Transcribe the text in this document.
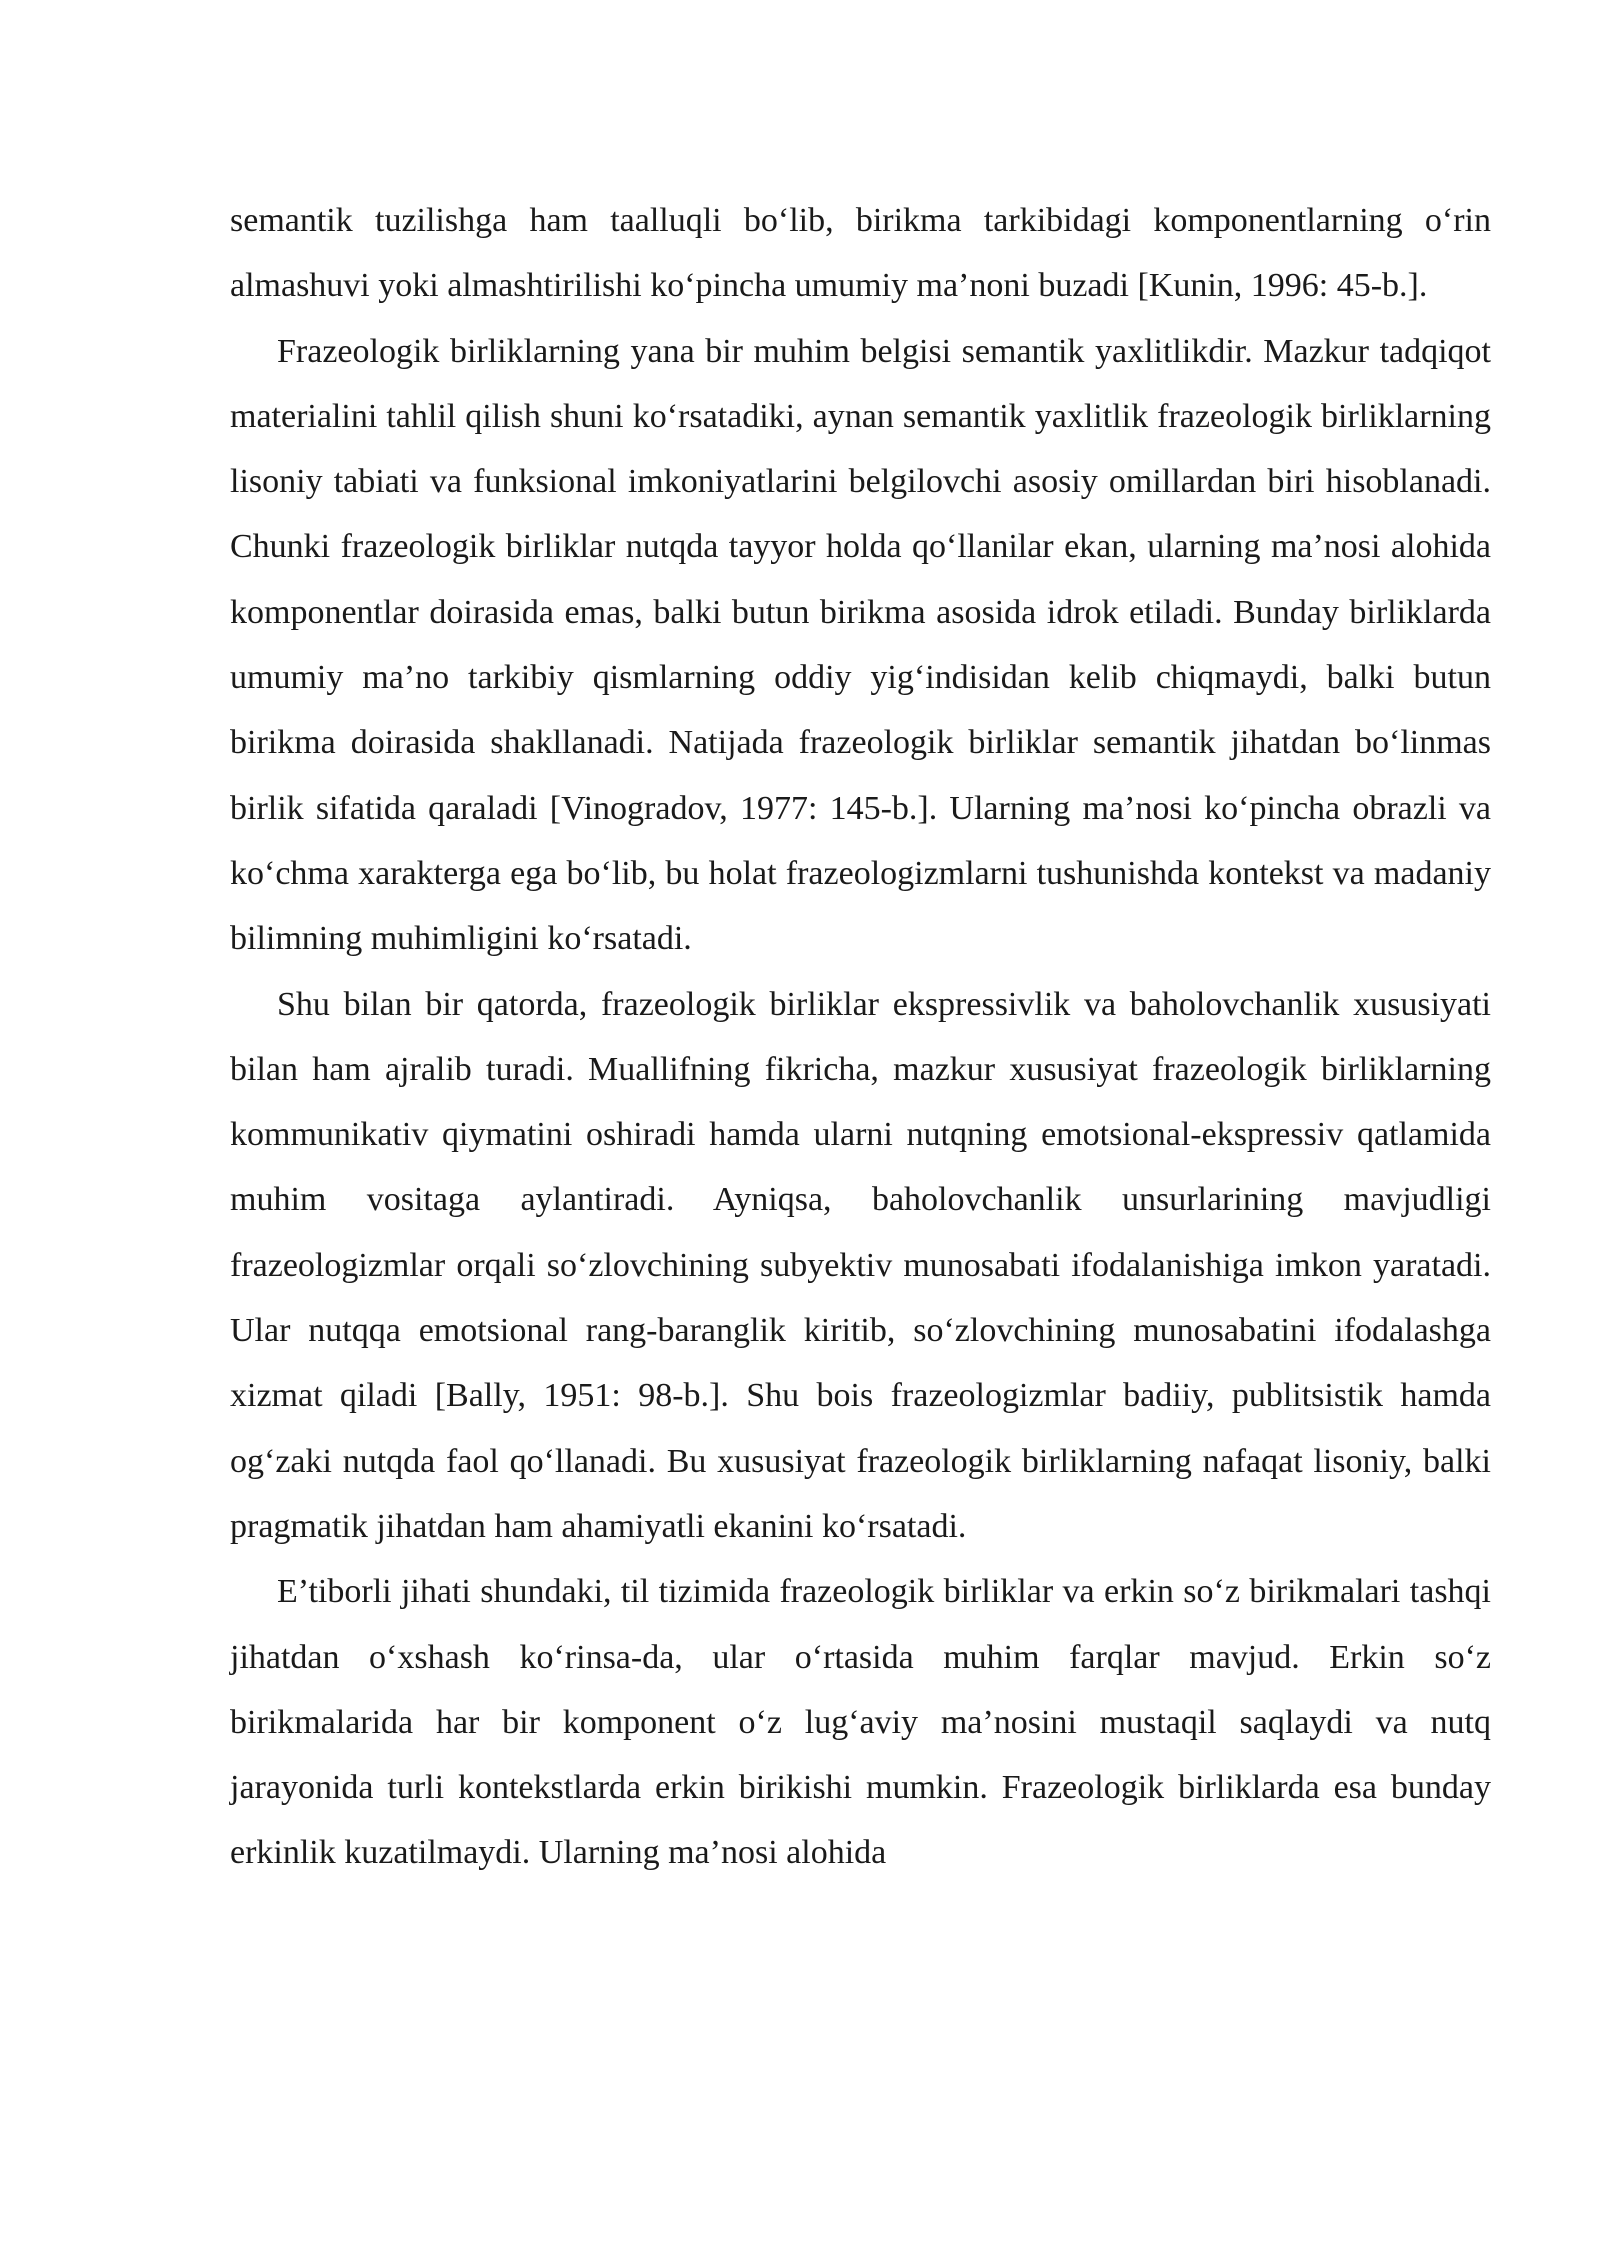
semantik tuzilishga ham taalluqli bo‘lib, birikma tarkibidagi komponentlarning o‘rin almashuvi yoki almashtirilishi ko‘pincha umumiy ma’noni buzadi [Kunin, 1996: 45-b.].

Frazeologik birliklarning yana bir muhim belgisi semantik yaxlitlikdir. Mazkur tadqiqot materialini tahlil qilish shuni ko‘rsatadiki, aynan semantik yaxlitlik frazeologik birliklarning lisoniy tabiati va funksional imkoniyatlarini belgilovchi asosiy omillardan biri hisoblanadi. Chunki frazeologik birliklar nutqda tayyor holda qo‘llanilar ekan, ularning ma’nosi alohida komponentlar doirasida emas, balki butun birikma asosida idrok etiladi. Bunday birliklarda umumiy ma’no tarkibiy qismlarning oddiy yig‘indisidan kelib chiqmaydi, balki butun birikma doirasida shakllanadi. Natijada frazeologik birliklar semantik jihatdan bo‘linmas birlik sifatida qaraladi [Vinogradov, 1977: 145-b.]. Ularning ma’nosi ko‘pincha obrazli va ko‘chma xarakterga ega bo‘lib, bu holat frazeologizmlarni tushunishda kontekst va madaniy bilimning muhimligini ko‘rsatadi.

Shu bilan bir qatorda, frazeologik birliklar ekspressivlik va baholovchanlik xususiyati bilan ham ajralib turadi. Muallifning fikricha, mazkur xususiyat frazeologik birliklarning kommunikativ qiymatini oshiradi hamda ularni nutqning emotsional-ekspressiv qatlamida muhim vositaga aylantiradi. Ayniqsa, baholovchanlik unsurlarining mavjudligi frazeologizmlar orqali so‘zlovchining subyektiv munosabati ifodalanishiga imkon yaratadi. Ular nutqqa emotsional rang-baranglik kiritib, so‘zlovchining munosabatini ifodalashga xizmat qiladi [Bally, 1951: 98-b.]. Shu bois frazeologizmlar badiiy, publitsistik hamda og‘zaki nutqda faol qo‘llanadi. Bu xususiyat frazeologik birliklarning nafaqat lisoniy, balki pragmatik jihatdan ham ahamiyatli ekanini ko‘rsatadi.

E’tiborli jihati shundaki, til tizimida frazeologik birliklar va erkin so‘z birikmalari tashqi jihatdan o‘xshash ko‘rinsa-da, ular o‘rtasida muhim farqlar mavjud. Erkin so‘z birikmalarida har bir komponent o‘z lug‘aviy ma’nosini mustaqil saqlaydi va nutq jarayonida turli kontekstlarda erkin birikishi mumkin. Frazeologik birliklarda esa bunday erkinlik kuzatilmaydi. Ularning ma’nosi alohida
